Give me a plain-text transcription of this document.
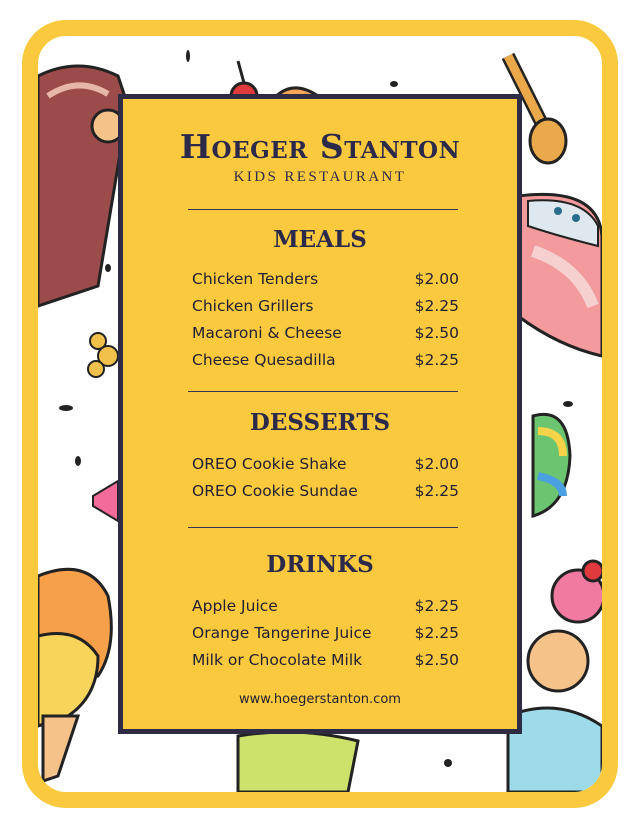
Hoeger Stanton
KIDS RESTAURANT
MEALS
Chicken Tenders	$2.00
Chicken Grillers	$2.25
Macaroni & Cheese	$2.50
Cheese Quesadilla	$2.25
DESSERTS
OREO Cookie Shake	$2.00
OREO Cookie Sundae	$2.25
DRINKS
Apple Juice	$2.25
Orange Tangerine Juice	$2.25
Milk or Chocolate Milk	$2.50
www.hoegerstanton.com
